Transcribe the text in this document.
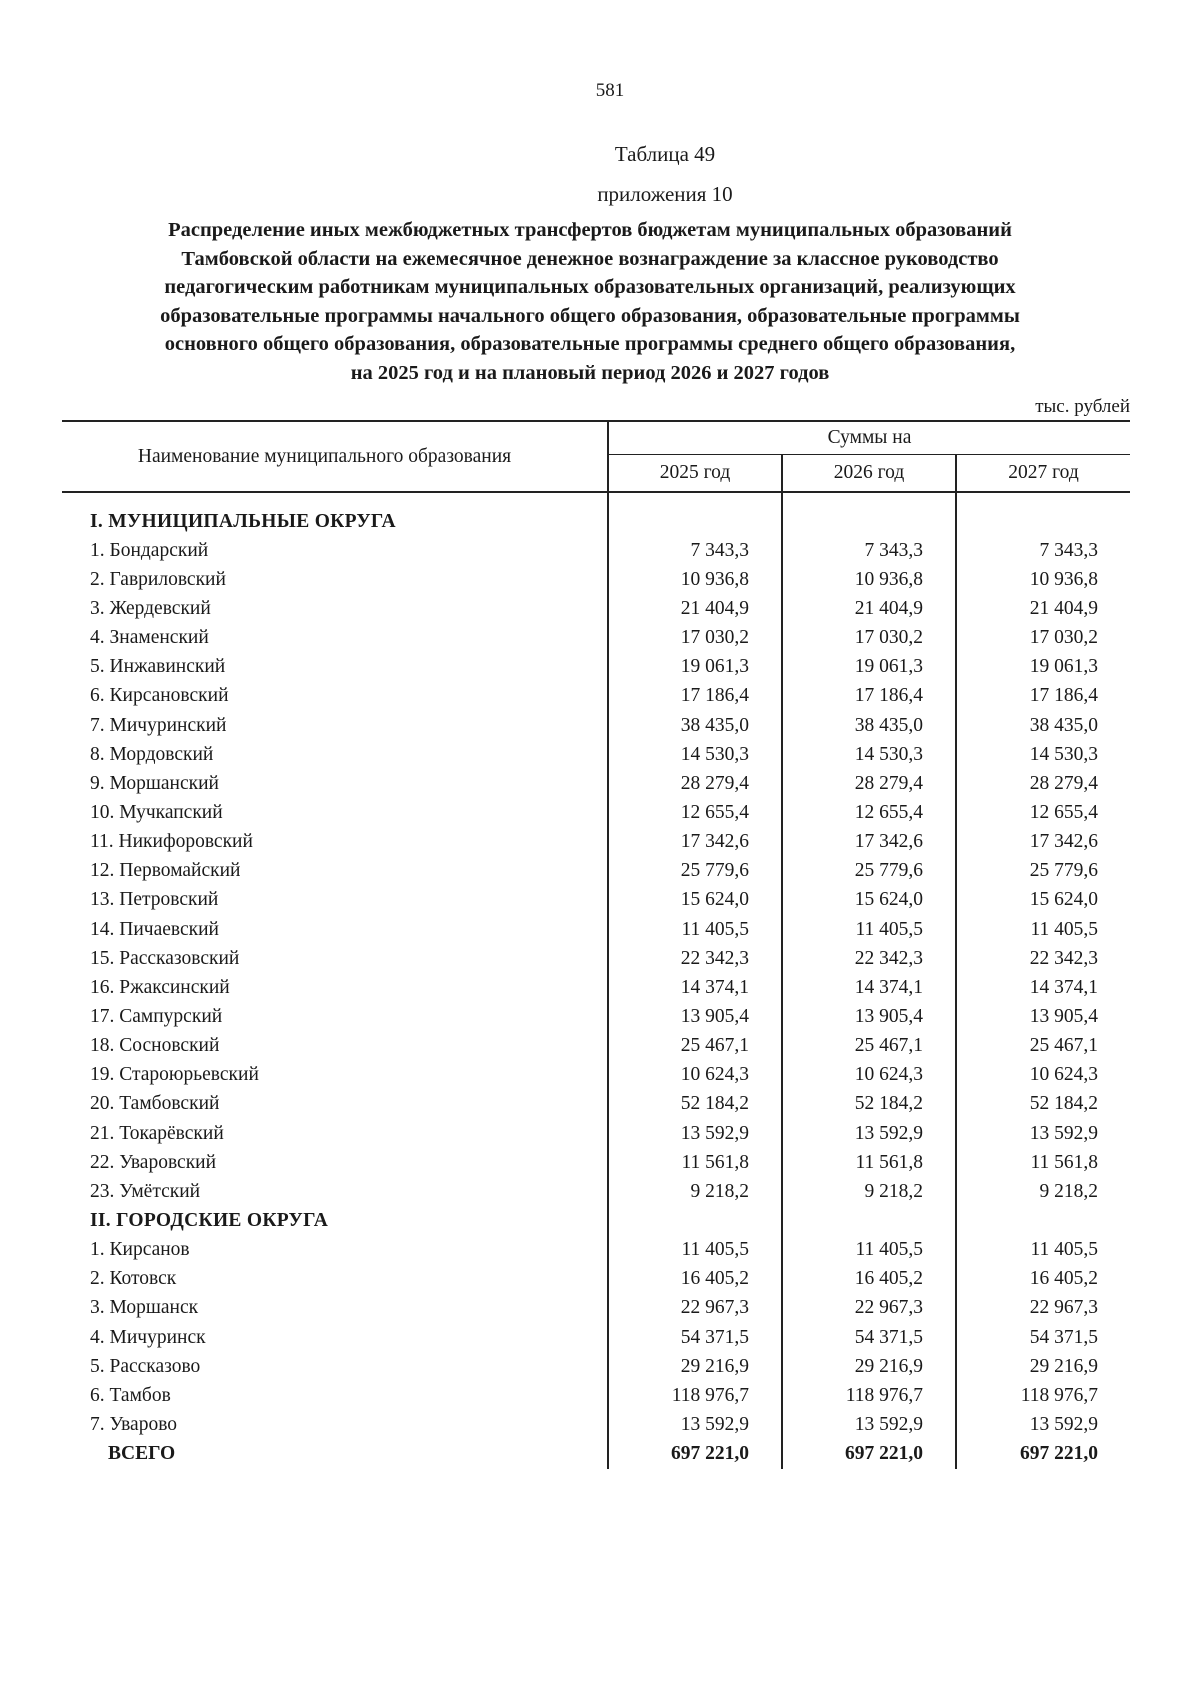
581
Таблица 49
приложения 10
Распределение иных межбюджетных трансфертов бюджетам муниципальных образований
Тамбовской области на ежемесячное денежное вознаграждение за классное руководство
педагогическим работникам муниципальных образовательных организаций, реализующих
образовательные программы начального общего образования, образовательные программы
основного общего образования, образовательные программы среднего общего образования,
на 2025 год и на плановый период 2026 и 2027 годов
тыс. рублей
Наименование муниципального образования	Суммы на		
	2025 год	2026 год	2027 год

I. МУНИЦИПАЛЬНЫЕ ОКРУГА			
1. Бондарский	7 343,3	7 343,3	7 343,3
2. Гавриловский	10 936,8	10 936,8	10 936,8
3. Жердевский	21 404,9	21 404,9	21 404,9
4. Знаменский	17 030,2	17 030,2	17 030,2
5. Инжавинский	19 061,3	19 061,3	19 061,3
6. Кирсановский	17 186,4	17 186,4	17 186,4
7. Мичуринский	38 435,0	38 435,0	38 435,0
8. Мордовский	14 530,3	14 530,3	14 530,3
9. Моршанский	28 279,4	28 279,4	28 279,4
10. Мучкапский	12 655,4	12 655,4	12 655,4
11. Никифоровский	17 342,6	17 342,6	17 342,6
12. Первомайский	25 779,6	25 779,6	25 779,6
13. Петровский	15 624,0	15 624,0	15 624,0
14. Пичаевский	11 405,5	11 405,5	11 405,5
15. Рассказовский	22 342,3	22 342,3	22 342,3
16. Ржаксинский	14 374,1	14 374,1	14 374,1
17. Сампурский	13 905,4	13 905,4	13 905,4
18. Сосновский	25 467,1	25 467,1	25 467,1
19. Староюрьевский	10 624,3	10 624,3	10 624,3
20. Тамбовский	52 184,2	52 184,2	52 184,2
21. Токарёвский	13 592,9	13 592,9	13 592,9
22. Уваровский	11 561,8	11 561,8	11 561,8
23. Умётский	9 218,2	9 218,2	9 218,2
II. ГОРОДСКИЕ ОКРУГА			
1. Кирсанов	11 405,5	11 405,5	11 405,5
2. Котовск	16 405,2	16 405,2	16 405,2
3. Моршанск	22 967,3	22 967,3	22 967,3
4. Мичуринск	54 371,5	54 371,5	54 371,5
5. Рассказово	29 216,9	29 216,9	29 216,9
6. Тамбов	118 976,7	118 976,7	118 976,7
7. Уварово	13 592,9	13 592,9	13 592,9
ВСЕГО	697 221,0	697 221,0	697 221,0
